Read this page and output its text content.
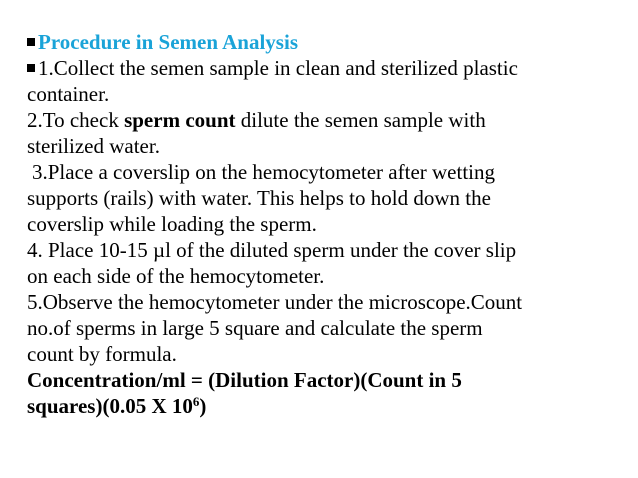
Procedure in Semen Analysis
1.Collect the semen sample in clean and sterilized plastic
container.
2.To check sperm count dilute the semen sample with
sterilized water.
3.Place a coverslip on the hemocytometer after wetting
supports (rails) with water. This helps to hold down the
coverslip while loading the sperm.
4. Place 10-15 µl of the diluted sperm under the cover slip
on each side of the hemocytometer.
5.Observe the hemocytometer under the microscope.Count
no.of sperms in large 5 square and calculate the sperm
count by formula.
Concentration/ml = (Dilution Factor)(Count in 5
squares)(0.05 X $10^6$)
